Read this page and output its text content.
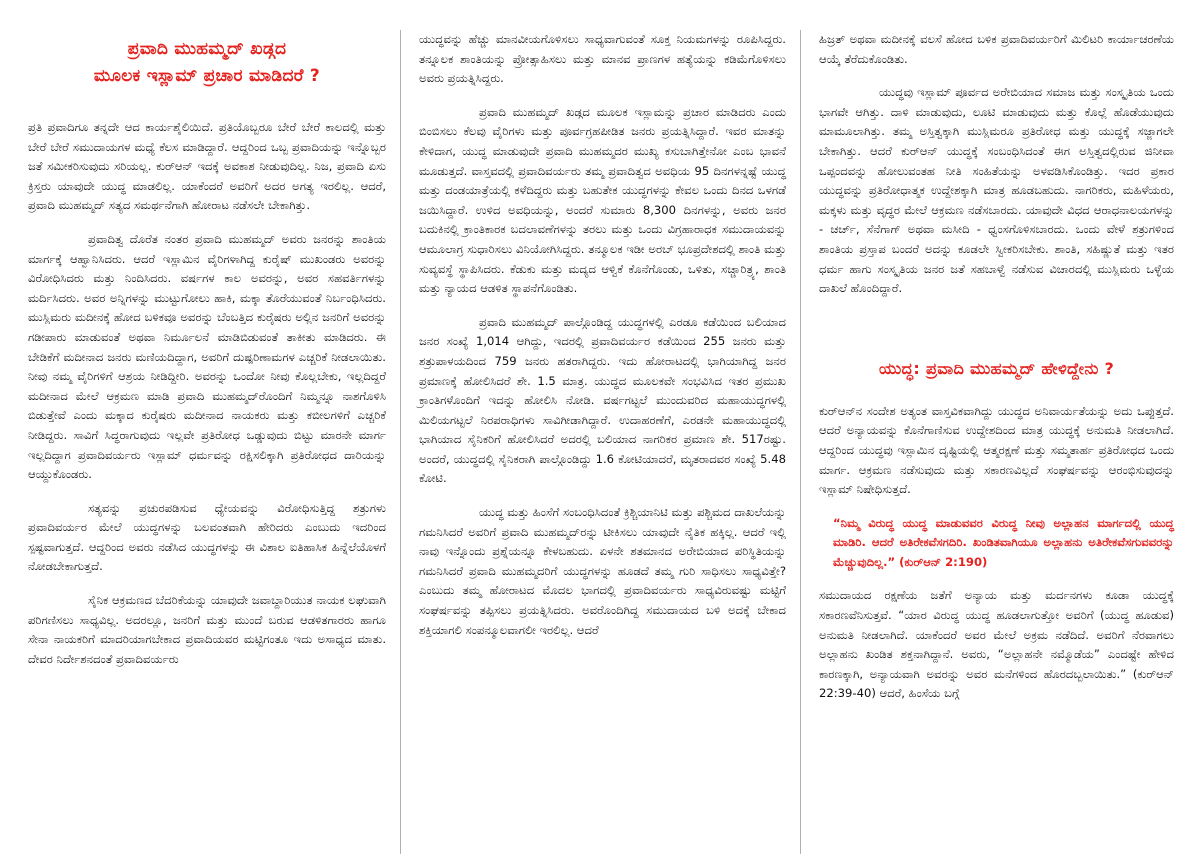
ಪ್ರವಾದಿ ಮುಹಮ್ಮದ್ ಖಡ್ಗದ
ಮೂಲಕ ಇಸ್ಲಾಮ್ ಪ್ರಚಾರ ಮಾಡಿದರೆ ?

ಪ್ರತಿ ಪ್ರವಾದಿಗೂ ತನ್ನದೇ ಆದ ಕಾರ್ಯಶೈಲಿಯಿದೆ. ಪ್ರತಿಯೊಬ್ಬರೂ ಬೇರೆ ಬೇರೆ ಕಾಲದಲ್ಲಿ ಮತ್ತು ಬೇರೆ ಬೇರೆ ಸಮುದಾಯಗಳ ಮಧ್ಯೆ ಕೆಲಸ ಮಾಡಿದ್ದಾರೆ. ಆದ್ದರಿಂದ ಒಬ್ಬ ಪ್ರವಾದಿಯನ್ನು ಇನ್ನೊಬ್ಬರ ಜತೆ ಸಮೀಕರಿಸುವುದು ಸರಿಯಲ್ಲ. ಕುರ್‌ಆನ್ ಇದಕ್ಕೆ ಅವಕಾಶ ನೀಡುವುದಿಲ್ಲ. ನಿಜ, ಪ್ರವಾದಿ ಏಸು ಕ್ರಿಸ್ತರು ಯಾವುದೇ ಯುದ್ಧ ಮಾಡಲಿಲ್ಲ. ಯಾಕೆಂದರೆ ಅವರಿಗೆ ಅದರ ಅಗತ್ಯ ಇರಲಿಲ್ಲ. ಆದರೆ, ಪ್ರವಾದಿ ಮುಹಮ್ಮದ್ ಸತ್ಯದ ಸಮರ್ಥನೆಗಾಗಿ ಹೋರಾಟ ನಡೆಸಲೇ ಬೇಕಾಗಿತ್ತು.

ಪ್ರವಾದಿತ್ವ ದೊರೆತ ನಂತರ ಪ್ರವಾದಿ ಮುಹಮ್ಮದ್ ಅವರು ಜನರನ್ನು ಶಾಂತಿಯ ಮಾರ್ಗಕ್ಕೆ ಆಹ್ವಾನಿಸಿದರು. ಆದರೆ ಇಸ್ಲಾಮಿನ ವೈರಿಗಳಾಗಿದ್ದ ಕುರೈಷ್ ಮುಖಂಡರು ಅವರನ್ನು ವಿರೋಧಿಸಿದರು ಮತ್ತು ನಿಂದಿಸಿದರು. ವರ್ಷಗಳ ಕಾಲ ಅವರನ್ನು, ಅವರ ಸಹವರ್ತಿಗಳನ್ನು ಮರ್ದಿಸಿದರು. ಅವರ ಅನ್ನಿಗಳನ್ನು ಮುಟ್ಟುಗೋಲು ಹಾಕಿ, ಮಕ್ಕಾ ತೊರೆಯುವಂತೆ ನಿರ್ಬಂಧಿಸಿದರು. ಮುಸ್ಲಿಮರು ಮದೀನಕ್ಕೆ ಹೋದ ಬಳಿಕವೂ ಅವರನ್ನು ಬೆಂಬತ್ತಿದ ಕುರೈಷರು ಅಲ್ಲಿನ ಜನರಿಗೆ ಅವರನ್ನು ಗಡೀಪಾರು ಮಾಡುವಂತೆ ಅಥವಾ ನಿರ್ಮೂಲನೆ ಮಾಡಿಬಿಡುವಂತೆ ತಾಕೀತು ಮಾಡಿದರು. ಈ ಬೇಡಿಕೆಗೆ ಮದೀನಾದ ಜನರು ಮಣಿಯದಿದ್ದಾಗ, ಅವರಿಗೆ ದುಷ್ಪರಿಣಾಮಗಳ ಎಚ್ಚರಿಕೆ ನೀಡಲಾಯಿತು. ನೀವು ನಮ್ಮ ವೈರಿಗಳಿಗೆ ಆಶ್ರಯ ನೀಡಿದ್ದೀರಿ. ಅವರನ್ನು ಒಂದೋ ನೀವು ಕೊಲ್ಲಬೇಕು, ಇಲ್ಲದಿದ್ದರೆ ಮದೀನಾದ ಮೇಲೆ ಆಕ್ರಮಣ ಮಾಡಿ ಪ್ರವಾದಿ ಮುಹಮ್ಮದ್‌ರೊಂದಿಗೆ ನಿಮ್ಮನ್ನೂ ನಾಶಗೊಳಿಸಿ ಬಿಡುತ್ತೇವೆ ಎಂದು ಮಕ್ಕಾದ ಕುರೈಷರು ಮದೀನಾದ ನಾಯಕರು ಮತ್ತು ಕಬೀಲಗಳಿಗೆ ಎಚ್ಚರಿಕೆ ನೀಡಿದ್ದರು. ಸಾವಿಗೆ ಸಿದ್ಧರಾಗುವುದು ಇಲ್ಲವೇ ಪ್ರತಿರೋಧ ಒಡ್ಡುವುದು ಬಿಟ್ಟು ಮಾರನೇ ಮಾರ್ಗ ಇಲ್ಲದಿದ್ದಾಗ ಪ್ರವಾದಿವರ್ಯರು ಇಸ್ಲಾಮ್ ಧರ್ಮವನ್ನು ರಕ್ಷಿಸಲಿಕ್ಕಾಗಿ ಪ್ರತಿರೋಧದ ದಾರಿಯನ್ನು ಆಯ್ದುಕೊಂಡರು.

ಸತ್ಯವನ್ನು ಪ್ರಚುರಪಡಿಸುವ ಧ್ಯೇಯವನ್ನು ವಿರೋಧಿಸುತ್ತಿದ್ದ ಶತ್ರುಗಳು ಪ್ರವಾದಿವರ್ಯರ ಮೇಲೆ ಯುದ್ಧಗಳನ್ನು ಬಲವಂತವಾಗಿ ಹೇರಿದರು ಎಂಬುದು ಇದರಿಂದ ಸ್ಪಷ್ಟವಾಗುತ್ತದೆ. ಆದ್ದರಿಂದ ಅವರು ನಡೆಸಿದ ಯುದ್ಧಗಳನ್ನು ಈ ವಿಶಾಲ ಐತಿಹಾಸಿಕ ಹಿನ್ನೆಲೆಯೊಳಗೆ ನೋಡಬೇಕಾಗುತ್ತದೆ.

ಸೈನಿಕ ಆಕ್ರಮಣದ ಬೆದರಿಕೆಯನ್ನು ಯಾವುದೇ ಜವಾಬ್ದಾರಿಯುತ ನಾಯಕ ಲಘುವಾಗಿ ಪರಿಗಣಿಸಲು ಸಾಧ್ಯವಿಲ್ಲ. ಅದರಲ್ಲೂ, ಜನರಿಗೆ ಮತ್ತು ಮುಂದೆ ಬರುವ ಆಡಳಿತಗಾರರು ಹಾಗೂ ಸೇನಾ ನಾಯಕರಿಗೆ ಮಾದರಿಯಾಗಬೇಕಾದ ಪ್ರವಾದಿಯವರ ಮಟ್ಟಿಗಂತೂ ಇದು ಅಸಾಧ್ಯದ ಮಾತು. ದೇವರ ನಿರ್ದೇಶನದಂತೆ ಪ್ರವಾದಿವರ್ಯರು

ಯುದ್ಧವನ್ನು ಹೆಚ್ಚು ಮಾನವೀಯಗೊಳಿಸಲು ಸಾಧ್ಯವಾಗುವಂತೆ ಸೂಕ್ತ ನಿಯಮಗಳನ್ನು ರೂಪಿಸಿದ್ದರು. ತನ್ನೂಲಕ ಶಾಂತಿಯನ್ನು ಪ್ರೋತ್ಸಾಹಿಸಲು ಮತ್ತು ಮಾನವ ಪ್ರಾಣಗಳ ಹತ್ಯೆಯನ್ನು ಕಡಿಮೆಗೊಳಿಸಲು ಅವರು ಪ್ರಯತ್ನಿಸಿದ್ದರು.

ಪ್ರವಾದಿ ಮುಹಮ್ಮದ್ ಖಡ್ಗದ ಮೂಲಕ ಇಸ್ಲಾಮನ್ನು ಪ್ರಚಾರ ಮಾಡಿದರು ಎಂದು ಬಿಂಬಿಸಲು ಕೆಲವು ವೈರಿಗಳು ಮತ್ತು ಪೂರ್ವಗ್ರಹಪೀಡಿತ ಜನರು ಪ್ರಯತ್ನಿಸಿದ್ದಾರೆ. ಇವರ ಮಾತನ್ನು ಕೇಳಿದಾಗ, ಯುದ್ಧ ಮಾಡುವುದೇ ಪ್ರವಾದಿ ಮುಹಮ್ಮದರ ಮುಖ್ಯ ಕಸುಬಾಗಿತ್ತೇನೋ ಎಂಬ ಭಾವನೆ ಮೂಡುತ್ತದೆ. ವಾಸ್ತವದಲ್ಲಿ ಪ್ರವಾದಿವರ್ಯರು ತಮ್ಮ ಪ್ರವಾದಿತ್ವದ ಅವಧಿಯ 95 ದಿನಗಳನ್ನಷ್ಟೆ ಯುದ್ಧ ಮತ್ತು ದಂಡಯಾತ್ರೆಯಲ್ಲಿ ಕಳೆದಿದ್ದರು ಮತ್ತು ಬಹುತೇಕ ಯುದ್ಧಗಳನ್ನು ಕೇವಲ ಒಂದು ದಿನದ ಒಳಗಡೆ ಜಯಿಸಿದ್ದಾರೆ. ಉಳಿದ ಅವಧಿಯನ್ನು, ಅಂದರೆ ಸುಮಾರು 8,300 ದಿನಗಳನ್ನು, ಅವರು ಜನರ ಬದುಕಿನಲ್ಲಿ ಕ್ರಾಂತಿಕಾರಕ ಬದಲಾವಣೆಗಳನ್ನು ತರಲು ಮತ್ತು ಒಂದು ವಿಗ್ರಹಾರಾಧಕ ಸಮುದಾಯವನ್ನು ಆಮೂಲಾಗ್ರ ಸುಧಾರಿಸಲು ವಿನಿಯೋಗಿಸಿದ್ದರು. ತನ್ಮೂಲಕ ಇಡೀ ಅರಬ್ ಭೂಪ್ರದೇಶದಲ್ಲಿ ಶಾಂತಿ ಮತ್ತು ಸುವ್ಯವಸ್ಥೆ ಸ್ಥಾಪಿಸಿದರು. ಕೆಡುಕು ಮತ್ತು ಮದ್ಯದ ಆಳ್ವಿಕೆ ಕೊನೆಗೊಂಡು, ಒಳಿತು, ಸಚ್ಚಾರಿತ್ರ್ಯ, ಶಾಂತಿ ಮತ್ತು ನ್ಯಾಯದ ಆಡಳಿತ ಸ್ಥಾಪನೆಗೊಂಡಿತು.

ಪ್ರವಾದಿ ಮುಹಮ್ಮದ್ ಪಾಲ್ಗೊಂಡಿದ್ದ ಯುದ್ಧಗಳಲ್ಲಿ ಎರಡೂ ಕಡೆಯಿಂದ ಬಲಿಯಾದ ಜನರ ಸಂಖ್ಯೆ 1,014 ಆಗಿದ್ದು, ಇದರಲ್ಲಿ ಪ್ರವಾದಿವರ್ಯರ ಕಡೆಯಿಂದ 255 ಜನರು ಮತ್ತು ಶತ್ರುಪಾಳಯದಿಂದ 759 ಜನರು ಹತರಾಗಿದ್ದರು. ಇದು ಹೋರಾಟದಲ್ಲಿ ಭಾಗಿಯಾಗಿದ್ದ ಜನರ ಪ್ರಮಾಣಕ್ಕೆ ಹೋಲಿಸಿದರೆ ಶೇ. 1.5 ಮಾತ್ರ. ಯುದ್ಧದ ಮೂಲಕವೇ ಸಂಭವಿಸಿದ ಇತರ ಪ್ರಮುಖ ಕ್ರಾಂತಿಗಳೊಂದಿಗೆ ಇದನ್ನು ಹೋಲಿಸಿ ನೋಡಿ. ವರ್ಷಗಟ್ಟಲೆ ಮುಂದುವರಿದ ಮಹಾಯುದ್ಧಗಳಲ್ಲಿ ಮಿಲಿಯಗಟ್ಟಲೆ ನಿರಪರಾಧಿಗಳು ಸಾವಿಗೀಡಾಗಿದ್ದಾರೆ. ಉದಾಹರಣೆಗೆ, ಎರಡನೇ ಮಹಾಯುದ್ಧದಲ್ಲಿ ಭಾಗಿಯಾದ ಸೈನಿಕರಿಗೆ ಹೋಲಿಸಿದರೆ ಅದರಲ್ಲಿ ಬಲಿಯಾದ ನಾಗರಿಕರ ಪ್ರಮಾಣ ಶೇ. 517ರಷ್ಟು. ಅಂದರೆ, ಯುದ್ಧದಲ್ಲಿ ಸೈನಿಕರಾಗಿ ಪಾಲ್ಗೊಂಡಿದ್ದು 1.6 ಕೋಟಿಯಾದರೆ, ಮೃತರಾದವರ ಸಂಖ್ಯೆ 5.48 ಕೋಟಿ.

ಯುದ್ಧ ಮತ್ತು ಹಿಂಸೆಗೆ ಸಂಬಂಧಿಸಿದಂತೆ ಕ್ರಿಶ್ಚಿಯಾನಿಟಿ ಮತ್ತು ಪಶ್ಚಿಮದ ದಾಖಲೆಯನ್ನು ಗಮನಿಸಿದರೆ ಅವರಿಗೆ ಪ್ರವಾದಿ ಮುಹಮ್ಮದ್‌ರನ್ನು ಟೀಕಿಸಲು ಯಾವುದೇ ನೈತಿಕ ಹಕ್ಕಿಲ್ಲ. ಆದರೆ ಇಲ್ಲಿ ನಾವು ಇನ್ನೊಂದು ಪ್ರಶ್ನೆಯನ್ನೂ ಕೇಳಬಹುದು. ಏಳನೇ ಶತಮಾನದ ಅರೇಬಿಯಾದ ಪರಿಸ್ಥಿತಿಯನ್ನು ಗಮನಿಸಿದರೆ ಪ್ರವಾದಿ ಮುಹಮ್ಮದರಿಗೆ ಯುದ್ಧಗಳನ್ನು ಹೂಡದೆ ತಮ್ಮ ಗುರಿ ಸಾಧಿಸಲು ಸಾಧ್ಯವಿತ್ತೇ? ಎಂಬುದು ತಮ್ಮ ಹೋರಾಟದ ಮೊದಲ ಭಾಗದಲ್ಲಿ ಪ್ರವಾದಿವರ್ಯರು ಸಾಧ್ಯವಿರುವಷ್ಟು ಮಟ್ಟಿಗೆ ಸಂಘರ್ಷವನ್ನು ತಪ್ಪಿಸಲು ಪ್ರಯತ್ನಿಸಿದರು. ಅವರೊಂದಿಗಿದ್ದ ಸಮುದಾಯದ ಬಳಿ ಅದಕ್ಕೆ ಬೇಕಾದ ಶಕ್ತಿಯಾಗಲಿ ಸಂಪನ್ಮೂಲವಾಗಲೀ ಇರಲಿಲ್ಲ. ಆದರೆ

ಹಿಜ್ರತ್ ಅಥವಾ ಮದೀನಕ್ಕೆ ವಲಸೆ ಹೋದ ಬಳಿಕ ಪ್ರವಾದಿವರ್ಯರಿಗೆ ಮಿಲಿಟರಿ ಕಾರ್ಯಾಚರಣೆಯ ಆಯ್ಕೆ ತೆರೆದುಕೊಂಡಿತು.

ಯುದ್ಧವು ಇಸ್ಲಾಮ್ ಪೂರ್ವದ ಅರೇಬಿಯಾದ ಸಮಾಜ ಮತ್ತು ಸಂಸ್ಕೃತಿಯ ಒಂದು ಭಾಗವೇ ಆಗಿತ್ತು. ದಾಳಿ ಮಾಡುವುದು, ಲೂಟಿ ಮಾಡುವುದು ಮತ್ತು ಕೊಲ್ಲೆ ಹೊಡೆಯುವುದು ಮಾಮೂಲಾಗಿತ್ತು. ತಮ್ಮ ಅಸ್ತಿತ್ವಕ್ಕಾಗಿ ಮುಸ್ಲಿಮರೂ ಪ್ರತಿರೋಧ ಮತ್ತು ಯುದ್ಧಕ್ಕೆ ಸಜ್ಜಾಗಲೇ ಬೇಕಾಗಿತ್ತು. ಆದರೆ ಕುರ್‌ಆನ್ ಯುದ್ಧಕ್ಕೆ ಸಂಬಂಧಿಸಿದಂತೆ ಈಗ ಅಸ್ತಿತ್ವದಲ್ಲಿರುವ ಜಿನೀವಾ ಒಪ್ಪಂದವನ್ನು ಹೋಲುವಂತಹ ನೀತಿ ಸಂಹಿತೆಯನ್ನು ಅಳವಡಿಸಿಕೊಂಡಿತ್ತು. ಇದರ ಪ್ರಕಾರ ಯುದ್ಧವನ್ನು ಪ್ರತಿರೋಧಾತ್ಮಕ ಉದ್ದೇಶಕ್ಕಾಗಿ ಮಾತ್ರ ಹೂಡಬಹುದು. ನಾಗರಿಕರು, ಮಹಿಳೆಯರು, ಮಕ್ಕಳು ಮತ್ತು ವೃದ್ಧರ ಮೇಲೆ ಆಕ್ರಮಣ ನಡೆಸಬಾರದು. ಯಾವುದೇ ವಿಧದ ಆರಾಧನಾಲಯಗಳನ್ನು - ಚರ್ಚ್, ಸೆನೆಗಾಗ್ ಅಥವಾ ಮಸೀದಿ - ಧ್ವಂಸಗೊಳಿಸಬಾರದು. ಒಂದು ವೇಳೆ ಶತ್ರುಗಳಿಂದ ಶಾಂತಿಯ ಪ್ರಸ್ತಾಪ ಬಂದರೆ ಅದನ್ನು ಕೂಡಲೇ ಸ್ವೀಕರಿಸಬೇಕು. ಶಾಂತಿ, ಸಹಿಷ್ಣುತೆ ಮತ್ತು ಇತರ ಧರ್ಮ ಹಾಗು ಸಂಸ್ಕೃತಿಯ ಜನರ ಜತೆ ಸಹಬಾಳ್ವೆ ನಡೆಸುವ ವಿಚಾರದಲ್ಲಿ ಮುಸ್ಲಿಮರು ಒಳ್ಳೆಯ ದಾಖಲೆ ಹೊಂದಿದ್ದಾರೆ.

ಯುದ್ಧ: ಪ್ರವಾದಿ ಮುಹಮ್ಮದ್ ಹೇಳಿದ್ದೇನು ?

ಕುರ್‌ಆನ್‌ನ ಸಂದೇಶ ಅತ್ಯಂತ ವಾಸ್ತವಿಕವಾಗಿದ್ದು ಯುದ್ಧದ ಅನಿವಾರ್ಯತೆಯನ್ನು ಅದು ಒಪ್ಪುತ್ತದೆ. ಆದರೆ ಅನ್ಯಾಯವನ್ನು ಕೊನೆಗಾಣಿಸುವ ಉದ್ದೇಶದಿಂದ ಮಾತ್ರ ಯುದ್ಧಕ್ಕೆ ಅನುಮತಿ ನೀಡಲಾಗಿದೆ. ಆದ್ದರಿಂದ ಯುದ್ಧವು ಇಸ್ಲಾಮಿನ ದೃಷ್ಟಿಯಲ್ಲಿ ಆತ್ಮರಕ್ಷಣೆ ಮತ್ತು ಸಮ್ಮತಾರ್ಹ ಪ್ರತಿರೋಧದ ಒಂದು ಮಾರ್ಗ. ಆಕ್ರಮಣ ನಡೆಸುವುದು ಮತ್ತು ಸಕಾರಣವಿಲ್ಲದೆ ಸಂಘರ್ಷವನ್ನು ಆರಂಭಿಸುವುದನ್ನು ಇಸ್ಲಾಮ್ ನಿಷೇಧಿಸುತ್ತದೆ.

“ನಿಮ್ಮ ವಿರುದ್ಧ ಯುದ್ಧ ಮಾಡುವವರ ವಿರುದ್ಧ ನೀವು ಅಲ್ಲಾಹನ ಮಾರ್ಗದಲ್ಲಿ ಯುದ್ಧ ಮಾಡಿರಿ. ಆದರೆ ಅತಿರೇಕವೆಸಗದಿರಿ. ಖಂಡಿತವಾಗಿಯೂ ಅಲ್ಲಾಹನು ಅತಿರೇಕವೆಸಗುವವರನ್ನು ಮೆಚ್ಚುವುದಿಲ್ಲ.” (ಕುರ್‌ಆನ್ 2:190)

ಸಮುದಾಯದ ರಕ್ಷಣೆಯ ಜತೆಗೆ ಅನ್ಯಾಯ ಮತ್ತು ಮರ್ದನಗಳು ಕೂಡಾ ಯುದ್ಧಕ್ಕೆ ಸಕಾರಣವೆನಿಸುತ್ತವೆ. “ಯಾರ ವಿರುದ್ಧ ಯುದ್ಧ ಹೂಡಲಾಗುತ್ತೋ ಅವರಿಗೆ (ಯುದ್ಧ ಹೂಡುವ) ಅನುಮತಿ ನೀಡಲಾಗಿದೆ. ಯಾಕೆಂದರೆ ಅವರ ಮೇಲೆ ಅಕ್ರಮ ನಡೆದಿದೆ. ಅವರಿಗೆ ನೆರವಾಗಲು ಅಲ್ಲಾಹನು ಖಂಡಿತ ಶಕ್ತನಾಗಿದ್ದಾನೆ. ಅವರು, “ಅಲ್ಲಾಹನೇ ನಮ್ಮೊಡೆಯ” ಎಂದಷ್ಟೇ ಹೇಳಿದ ಕಾರಣಕ್ಕಾಗಿ, ಅನ್ಯಾಯವಾಗಿ ಅವರನ್ನು ಅವರ ಮನೆಗಳಿಂದ ಹೊರದಬ್ಬಲಾಯಿತು.” (ಕುರ್‌ಆನ್ 22:39-40) ಆದರೆ, ಹಿಂಸೆಯ ಬಗ್ಗೆ
